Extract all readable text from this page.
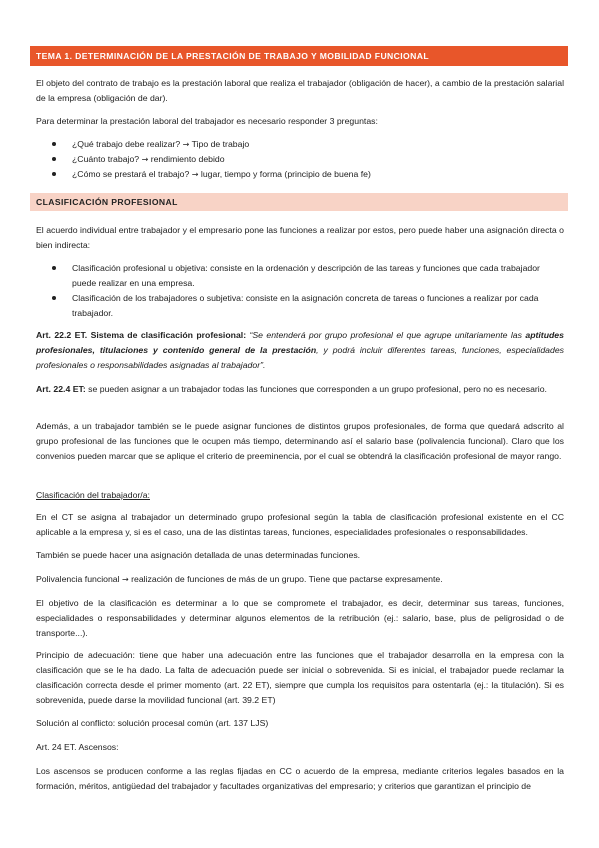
TEMA 1. DETERMINACIÓN DE LA PRESTACIÓN DE TRABAJO Y MOBILIDAD FUNCIONAL

El objeto del contrato de trabajo es la prestación laboral que realiza el trabajador (obligación de hacer), a cambio de la prestación salarial de la empresa (obligación de dar).

Para determinar la prestación laboral del trabajador es necesario responder 3 preguntas:

¿Qué trabajo debe realizar? → Tipo de trabajo
¿Cuánto trabajo? → rendimiento debido
¿Cómo se prestará el trabajo? → lugar, tiempo y forma (principio de buena fe)
CLASIFICACIÓN PROFESIONAL

El acuerdo individual entre trabajador y el empresario pone las funciones a realizar por estos, pero puede haber una asignación directa o bien indirecta:

Clasificación profesional u objetiva: consiste en la ordenación y descripción de las tareas y funciones que cada trabajador puede realizar en una empresa.
Clasificación de los trabajadores o subjetiva: consiste en la asignación concreta de tareas o funciones a realizar por cada trabajador.

Art. 22.2 ET. Sistema de clasificación profesional: “Se entenderá por grupo profesional el que agrupe unitariamente las aptitudes profesionales, titulaciones y contenido general de la prestación, y podrá incluir diferentes tareas, funciones, especialidades profesionales o responsabilidades asignadas al trabajador”.

Art. 22.4 ET: se pueden asignar a un trabajador todas las funciones que corresponden a un grupo profesional, pero no es necesario.

Además, a un trabajador también se le puede asignar funciones de distintos grupos profesionales, de forma que quedará adscrito al grupo profesional de las funciones que le ocupen más tiempo, determinando así el salario base (polivalencia funcional). Claro que los convenios pueden marcar que se aplique el criterio de preeminencia, por el cual se obtendrá la clasificación profesional de mayor rango.

Clasificación del trabajador/a:

En el CT se asigna al trabajador un determinado grupo profesional según la tabla de clasificación profesional existente en el CC aplicable a la empresa y, si es el caso, una de las distintas tareas, funciones, especialidades profesionales o responsabilidades.

También se puede hacer una asignación detallada de unas determinadas funciones.

Polivalencia funcional → realización de funciones de más de un grupo. Tiene que pactarse expresamente.

El objetivo de la clasificación es determinar a lo que se compromete el trabajador, es decir, determinar sus tareas, funciones, especialidades o responsabilidades y determinar algunos elementos de la retribución (ej.: salario, base, plus de peligrosidad o de transporte...).

Principio de adecuación: tiene que haber una adecuación entre las funciones que el trabajador desarrolla en la empresa con la clasificación que se le ha dado. La falta de adecuación puede ser inicial o sobrevenida. Si es inicial, el trabajador puede reclamar la clasificación correcta desde el primer momento (art. 22 ET), siempre que cumpla los requisitos para ostentarla (ej.: la titulación). Si es sobrevenida, puede darse la movilidad funcional (art. 39.2 ET)

Solución al conflicto: solución procesal común (art. 137 LJS)

Art. 24 ET. Ascensos:

Los ascensos se producen conforme a las reglas fijadas en CC o acuerdo de la empresa, mediante criterios legales basados en la formación, méritos, antigüedad del trabajador y facultades organizativas del empresario; y criterios que garantizan el principio de
